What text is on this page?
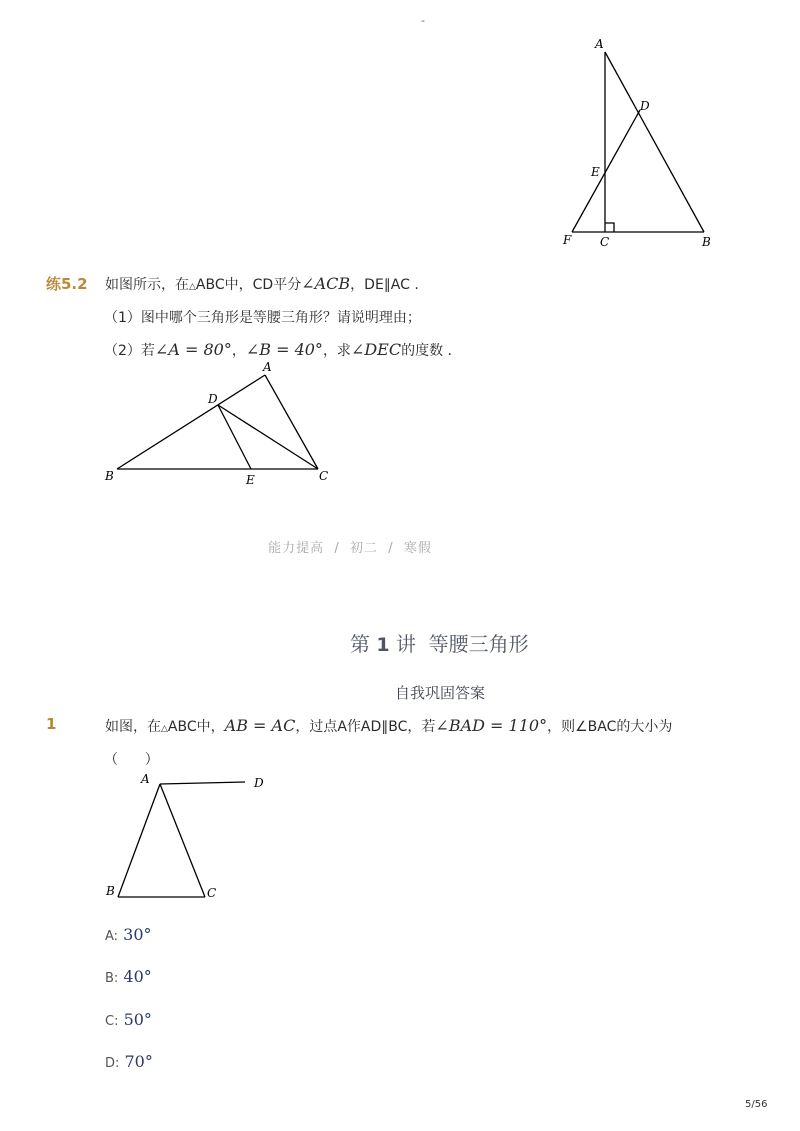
-
A
D
E
F C	B
练5.2 如图所示，在△ABC中，CD平分∠ACB，DE∥AC .
（1）图中哪个三角形是等腰三角形？请说明理由；
（2）若∠A = 80°，∠B = 40°，求∠DEC的度数 .
A
D
B	E	C
能力提高  /  初二  /  寒假
第 1 讲  等腰三角形
自我巩固答案
1	如图，在△ABC中，AB = AC，过点A作AD∥BC，若∠BAD = 110°，则∠BAC的大小为
（      ）
A	D
B	C
A: 30°
B: 40°
C: 50°
D: 70°
5/56
